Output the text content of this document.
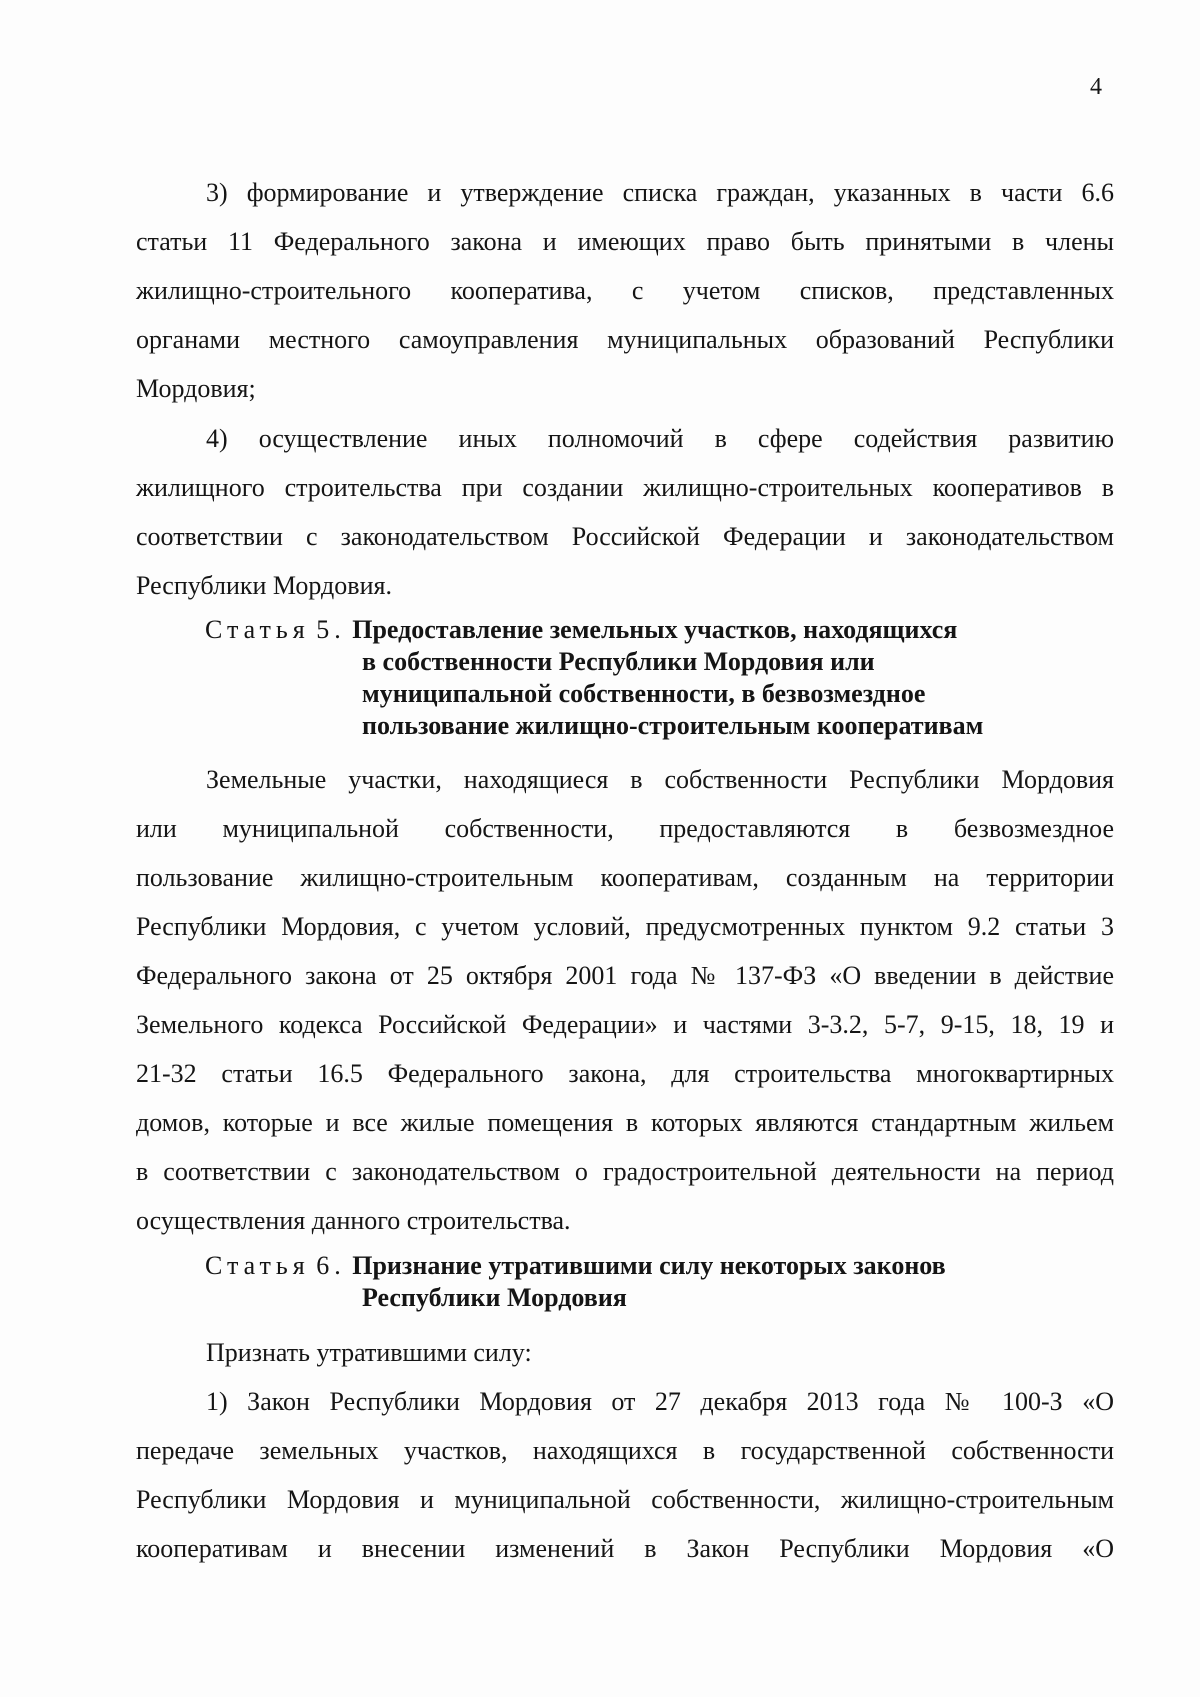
4
3) формирование и утверждение списка граждан, указанных в части 6.6
статьи 11 Федерального закона и имеющих право быть принятыми в члены
жилищно-строительного кооператива, с учетом списков, представленных
органами местного самоуправления муниципальных образований Республики
Мордовия;
4) осуществление иных полномочий в сфере содействия развитию
жилищного строительства при создании жилищно-строительных кооперативов в
соответствии с законодательством Российской Федерации и законодательством
Республики Мордовия.
Статья 5. Предоставление земельных участков, находящихся
в собственности Республики Мордовия или
муниципальной собственности, в безвозмездное
пользование жилищно-строительным кооперативам
Земельные участки, находящиеся в собственности Республики Мордовия
или муниципальной собственности, предоставляются в безвозмездное
пользование жилищно-строительным кооперативам, созданным на территории
Республики Мордовия, с учетом условий, предусмотренных пунктом 9.2 статьи 3
Федерального закона от 25 октября 2001 года № 137-ФЗ «О введении в действие
Земельного кодекса Российской Федерации» и частями 3-3.2, 5-7, 9-15, 18, 19 и
21-32 статьи 16.5 Федерального закона, для строительства многоквартирных
домов, которые и все жилые помещения в которых являются стандартным жильем
в соответствии с законодательством о градостроительной деятельности на период
осуществления данного строительства.
Статья 6. Признание утратившими силу некоторых законов
Республики Мордовия
Признать утратившими силу:
1) Закон Республики Мордовия от 27 декабря 2013 года № 100-З «О
передаче земельных участков, находящихся в государственной собственности
Республики Мордовия и муниципальной собственности, жилищно-строительным
кооперативам и внесении изменений в Закон Республики Мордовия «О
